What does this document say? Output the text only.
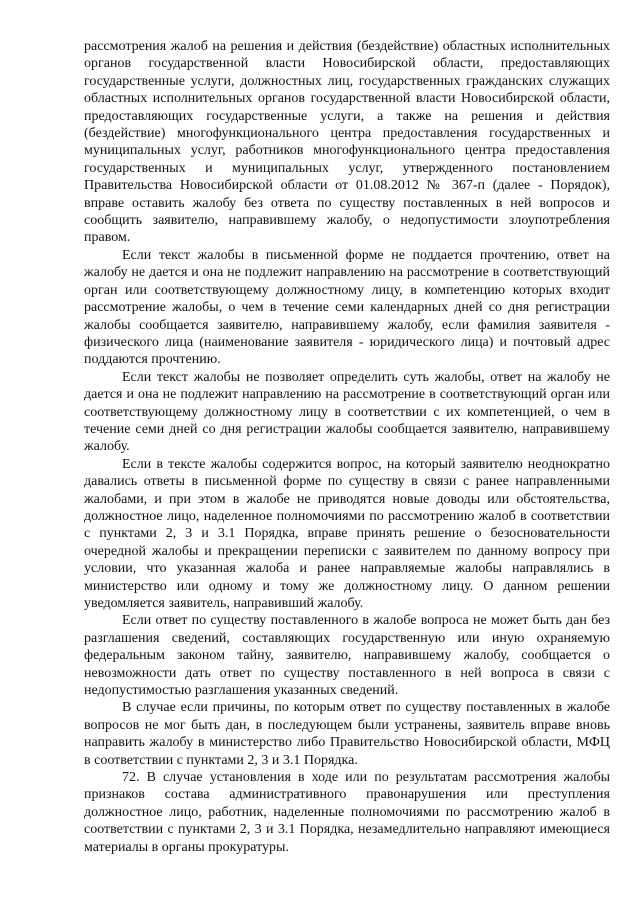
рассмотрения жалоб на решения и действия (бездействие) областных исполнительных органов государственной власти Новосибирской области, предоставляющих государственные услуги, должностных лиц, государственных гражданских служащих областных исполнительных органов государственной власти Новосибирской области, предоставляющих государственные услуги, а также на решения и действия (бездействие) многофункционального центра предоставления государственных и муниципальных услуг, работников многофункционального центра предоставления государственных и муниципальных услуг, утвержденного постановлением Правительства Новосибирской области от 01.08.2012 № 367-п (далее - Порядок), вправе оставить жалобу без ответа по существу поставленных в ней вопросов и сообщить заявителю, направившему жалобу, о недопустимости злоупотребления правом.

Если текст жалобы в письменной форме не поддается прочтению, ответ на жалобу не дается и она не подлежит направлению на рассмотрение в соответствующий орган или соответствующему должностному лицу, в компетенцию которых входит рассмотрение жалобы, о чем в течение семи календарных дней со дня регистрации жалобы сообщается заявителю, направившему жалобу, если фамилия заявителя - физического лица (наименование заявителя - юридического лица) и почтовый адрес поддаются прочтению.

Если текст жалобы не позволяет определить суть жалобы, ответ на жалобу не дается и она не подлежит направлению на рассмотрение в соответствующий орган или соответствующему должностному лицу в соответствии с их компетенцией, о чем в течение семи дней со дня регистрации жалобы сообщается заявителю, направившему жалобу.

Если в тексте жалобы содержится вопрос, на который заявителю неоднократно давались ответы в письменной форме по существу в связи с ранее направленными жалобами, и при этом в жалобе не приводятся новые доводы или обстоятельства, должностное лицо, наделенное полномочиями по рассмотрению жалоб в соответствии с пунктами 2, 3 и 3.1 Порядка, вправе принять решение о безосновательности очередной жалобы и прекращении переписки с заявителем по данному вопросу при условии, что указанная жалоба и ранее направляемые жалобы направлялись в министерство или одному и тому же должностному лицу. О данном решении уведомляется заявитель, направивший жалобу.

Если ответ по существу поставленного в жалобе вопроса не может быть дан без разглашения сведений, составляющих государственную или иную охраняемую федеральным законом тайну, заявителю, направившему жалобу, сообщается о невозможности дать ответ по существу поставленного в ней вопроса в связи с недопустимостью разглашения указанных сведений.

В случае если причины, по которым ответ по существу поставленных в жалобе вопросов не мог быть дан, в последующем были устранены, заявитель вправе вновь направить жалобу в министерство либо Правительство Новосибирской области, МФЦ в соответствии с пунктами 2, 3 и 3.1 Порядка.

72. В случае установления в ходе или по результатам рассмотрения жалобы признаков состава административного правонарушения или преступления должностное лицо, работник, наделенные полномочиями по рассмотрению жалоб в соответствии с пунктами 2, 3 и 3.1 Порядка, незамедлительно направляют имеющиеся материалы в органы прокуратуры.
